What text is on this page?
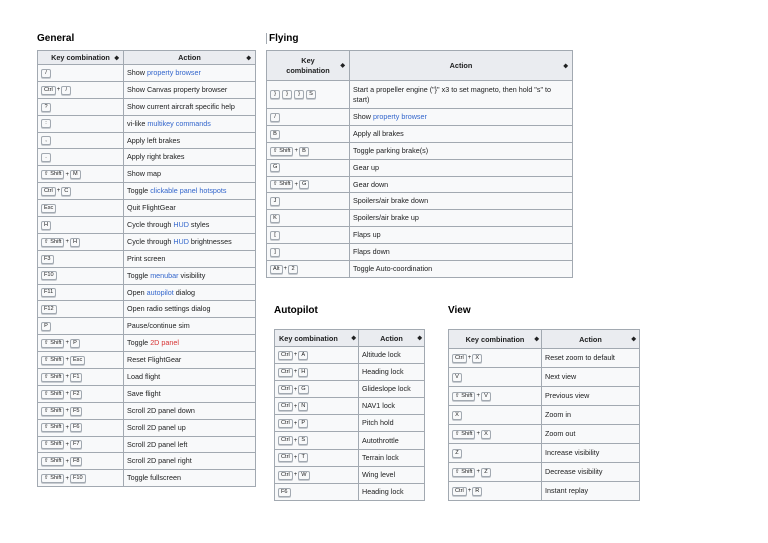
General
Key combination ◆	Action ◆

/	Show property browser
Ctrl + /	Show Canvas property browser
?	Show current aircraft specific help
:	vi-like multikey commands
,	Apply left brakes
.	Apply right brakes
⇧ Shift + M	Show map
Ctrl + C	Toggle clickable panel hotspots
Esc	Quit FlightGear
H	Cycle through HUD styles
⇧ Shift + H	Cycle through HUD brightnesses
F3	Print screen
F10	Toggle menubar visibility
F11	Open autopilot dialog
F12	Open radio settings dialog
P	Pause/continue sim
⇧ Shift + P	Toggle 2D panel
⇧ Shift + Esc	Reset FlightGear
⇧ Shift + F1	Load flight
⇧ Shift + F2	Save flight
⇧ Shift + F5	Scroll 2D panel down
⇧ Shift + F6	Scroll 2D panel up
⇧ Shift + F7	Scroll 2D panel left
⇧ Shift + F8	Scroll 2D panel right
⇧ Shift + F10	Toggle fullscreen
Flying
Key combination ◆	Action ◆

} } } S	Start a propeller engine ("}" x3 to set magneto, then hold "s" to start)
/	Show property browser
B	Apply all brakes
⇧ Shift + B	Toggle parking brake(s)
G	Gear up
⇧ Shift + G	Gear down
J	Spoilers/air brake down
K	Spoilers/air brake up
[	Flaps up
]	Flaps down
Alt + 2	Toggle Auto-coordination
Autopilot
Key combination ◆	Action ◆

Ctrl + A	Altitude lock
Ctrl + H	Heading lock
Ctrl + G	Glideslope lock
Ctrl + N	NAV1 lock
Ctrl + P	Pitch hold
Ctrl + S	Autothrottle
Ctrl + T	Terrain lock
Ctrl + W	Wing level
F6	Heading lock
View
Key combination ◆	Action ◆

Ctrl + X	Reset zoom to default
V	Next view
⇧ Shift + V	Previous view
X	Zoom in
⇧ Shift + X	Zoom out
Z	Increase visibility
⇧ Shift + Z	Decrease visibility
Ctrl + R	Instant replay
